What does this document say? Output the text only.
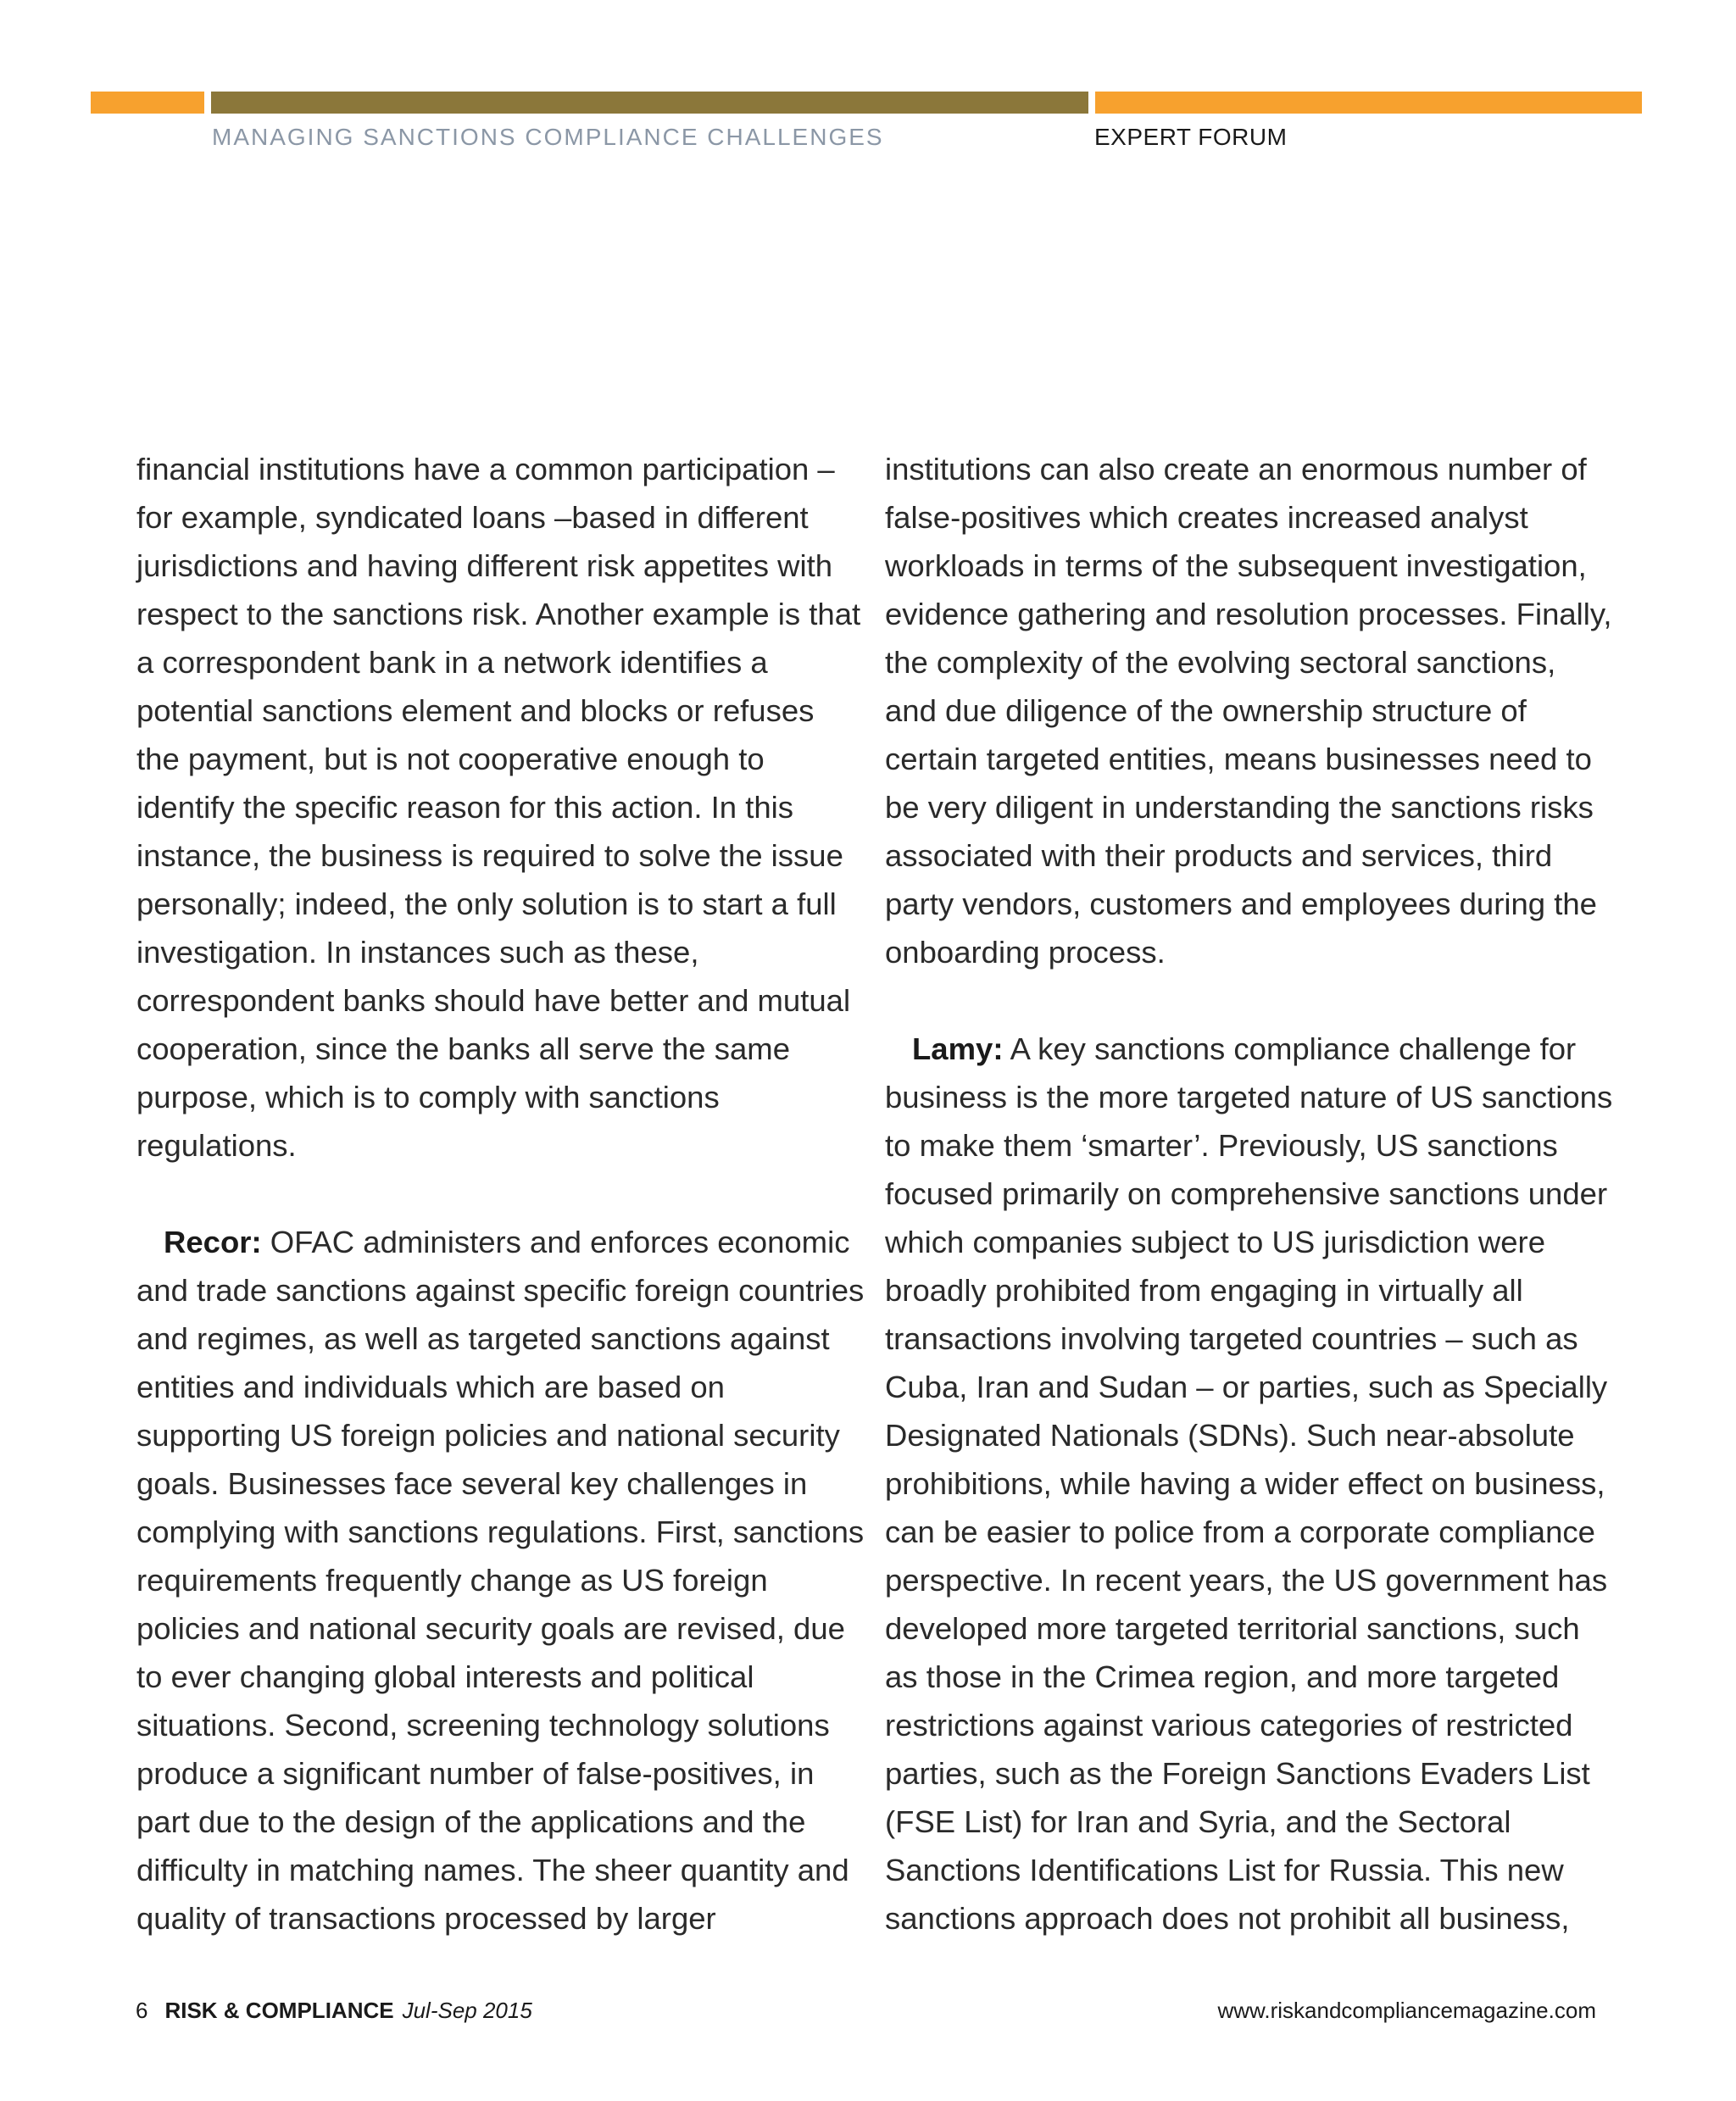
MANAGING SANCTIONS COMPLIANCE CHALLENGES	EXPERT FORUM

financial institutions have a common participation – for example, syndicated loans –based in different jurisdictions and having different risk appetites with respect to the sanctions risk. Another example is that a correspondent bank in a network identifies a potential sanctions element and blocks or refuses the payment, but is not cooperative enough to identify the specific reason for this action. In this instance, the business is required to solve the issue personally; indeed, the only solution is to start a full investigation. In instances such as these, correspondent banks should have better and mutual cooperation, since the banks all serve the same purpose, which is to comply with sanctions regulations.

Recor: OFAC administers and enforces economic and trade sanctions against specific foreign countries and regimes, as well as targeted sanctions against entities and individuals which are based on supporting US foreign policies and national security goals. Businesses face several key challenges in complying with sanctions regulations. First, sanctions requirements frequently change as US foreign policies and national security goals are revised, due to ever changing global interests and political situations. Second, screening technology solutions produce a significant number of false-positives, in part due to the design of the applications and the difficulty in matching names. The sheer quantity and quality of transactions processed by larger

institutions can also create an enormous number of false-positives which creates increased analyst workloads in terms of the subsequent investigation, evidence gathering and resolution processes. Finally, the complexity of the evolving sectoral sanctions, and due diligence of the ownership structure of certain targeted entities, means businesses need to be very diligent in understanding the sanctions risks associated with their products and services, third party vendors, customers and employees during the onboarding process.

Lamy: A key sanctions compliance challenge for business is the more targeted nature of US sanctions to make them ‘smarter’. Previously, US sanctions focused primarily on comprehensive sanctions under which companies subject to US jurisdiction were broadly prohibited from engaging in virtually all transactions involving targeted countries – such as Cuba, Iran and Sudan – or parties, such as Specially Designated Nationals (SDNs). Such near-absolute prohibitions, while having a wider effect on business, can be easier to police from a corporate compliance perspective. In recent years, the US government has developed more targeted territorial sanctions, such as those in the Crimea region, and more targeted restrictions against various categories of restricted parties, such as the Foreign Sanctions Evaders List (FSE List) for Iran and Syria, and the Sectoral Sanctions Identifications List for Russia. This new sanctions approach does not prohibit all business,

6 RISK & COMPLIANCE Jul-Sep 2015	www.riskandcompliancemagazine.com
